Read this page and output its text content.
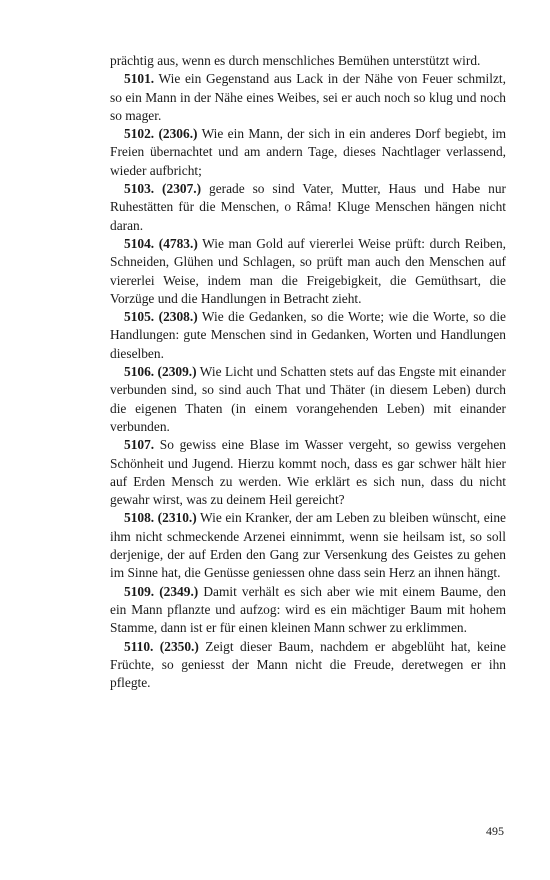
prächtig aus, wenn es durch menschliches Bemühen unterstützt wird.

5101. Wie ein Gegenstand aus Lack in der Nähe von Feuer schmilzt, so ein Mann in der Nähe eines Weibes, sei er auch noch so klug und noch so mager.

5102. (2306.) Wie ein Mann, der sich in ein anderes Dorf begiebt, im Freien übernachtet und am andern Tage, dieses Nachtlager verlassend, wieder aufbricht;

5103. (2307.) gerade so sind Vater, Mutter, Haus und Habe nur Ruhestätten für die Menschen, o Râma! Kluge Menschen hängen nicht daran.

5104. (4783.) Wie man Gold auf viererlei Weise prüft: durch Reiben, Schneiden, Glühen und Schlagen, so prüft man auch den Menschen auf viererlei Weise, indem man die Freigebigkeit, die Gemüthsart, die Vorzüge und die Handlungen in Betracht zieht.

5105. (2308.) Wie die Gedanken, so die Worte; wie die Worte, so die Handlungen: gute Menschen sind in Gedanken, Worten und Handlungen dieselben.

5106. (2309.) Wie Licht und Schatten stets auf das Engste mit einander verbunden sind, so sind auch That und Thäter (in diesem Leben) durch die eigenen Thaten (in einem vorangehenden Leben) mit einander verbunden.

5107. So gewiss eine Blase im Wasser vergeht, so gewiss vergehen Schönheit und Jugend. Hierzu kommt noch, dass es gar schwer hält hier auf Erden Mensch zu werden. Wie erklärt es sich nun, dass du nicht gewahr wirst, was zu deinem Heil gereicht?

5108. (2310.) Wie ein Kranker, der am Leben zu bleiben wünscht, eine ihm nicht schmeckende Arzenei einnimmt, wenn sie heilsam ist, so soll derjenige, der auf Erden den Gang zur Versenkung des Geistes zu gehen im Sinne hat, die Genüsse geniessen ohne dass sein Herz an ihnen hängt.

5109. (2349.) Damit verhält es sich aber wie mit einem Baume, den ein Mann pflanzte und aufzog: wird es ein mächtiger Baum mit hohem Stamme, dann ist er für einen kleinen Mann schwer zu erklimmen.

5110. (2350.) Zeigt dieser Baum, nachdem er abgeblüht hat, keine Früchte, so geniesst der Mann nicht die Freude, deretwegen er ihn pflegte.

495
